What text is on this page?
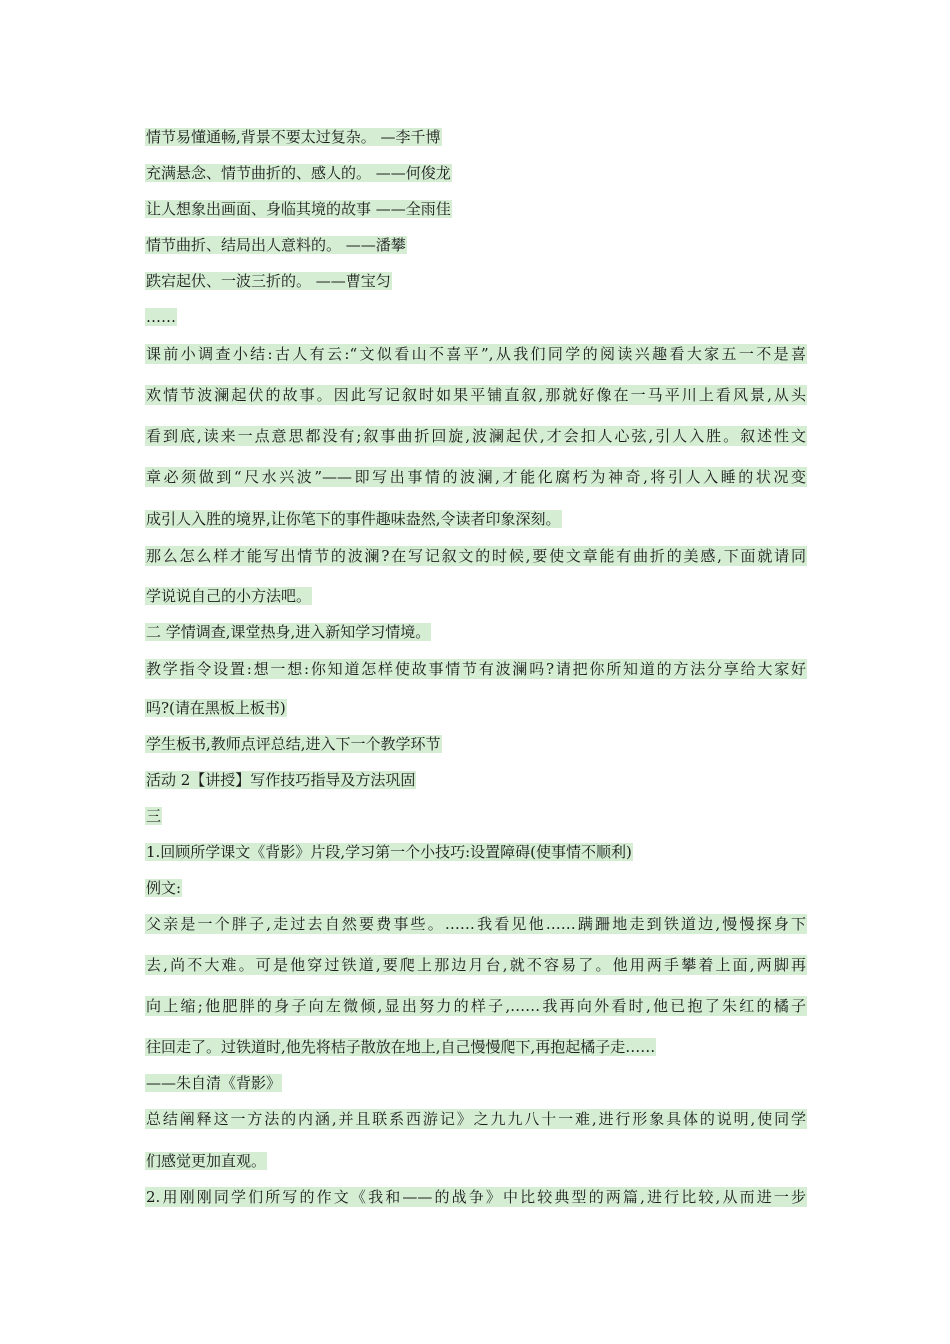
情节易懂通畅,背景不要太过复杂。 —李千博
充满悬念、情节曲折的、感人的。 ——何俊龙
让人想象出画面、身临其境的故事 ——全雨佳
情节曲折、结局出人意料的。 ——潘攀
跌宕起伏、一波三折的。 ——曹宝匀
……
课前小调查小结:古人有云:“文似看山不喜平”,从我们同学的阅读兴趣看大家五一不是喜
欢情节波澜起伏的故事。因此写记叙时如果平铺直叙,那就好像在一马平川上看风景,从头
看到底,读来一点意思都没有;叙事曲折回旋,波澜起伏,才会扣人心弦,引人入胜。叙述性文
章必须做到“尺水兴波”——即写出事情的波澜,才能化腐朽为神奇,将引人入睡的状况变
成引人入胜的境界,让你笔下的事件趣味盎然,令读者印象深刻。
那么怎么样才能写出情节的波澜?在写记叙文的时候,要使文章能有曲折的美感,下面就请同
学说说自己的小方法吧。
二 学情调查,课堂热身,进入新知学习情境。
教学指令设置:想一想:你知道怎样使故事情节有波澜吗?请把你所知道的方法分享给大家好
吗?(请在黑板上板书)
学生板书,教师点评总结,进入下一个教学环节
活动 2【讲授】写作技巧指导及方法巩固
三
1.回顾所学课文《背影》片段,学习第一个小技巧:设置障碍(使事情不顺利)
例文:
父亲是一个胖子,走过去自然要费事些。……我看见他……蹒跚地走到铁道边,慢慢探身下
去,尚不大难。可是他穿过铁道,要爬上那边月台,就不容易了。他用两手攀着上面,两脚再
向上缩;他肥胖的身子向左微倾,显出努力的样子,……我再向外看时,他已抱了朱红的橘子
往回走了。过铁道时,他先将桔子散放在地上,自己慢慢爬下,再抱起橘子走……
——朱自清《背影》
总结阐释这一方法的内涵,并且联系西游记》之九九八十一难,进行形象具体的说明,使同学
们感觉更加直观。
2.用刚刚同学们所写的作文《我和——的战争》中比较典型的两篇,进行比较,从而进一步
